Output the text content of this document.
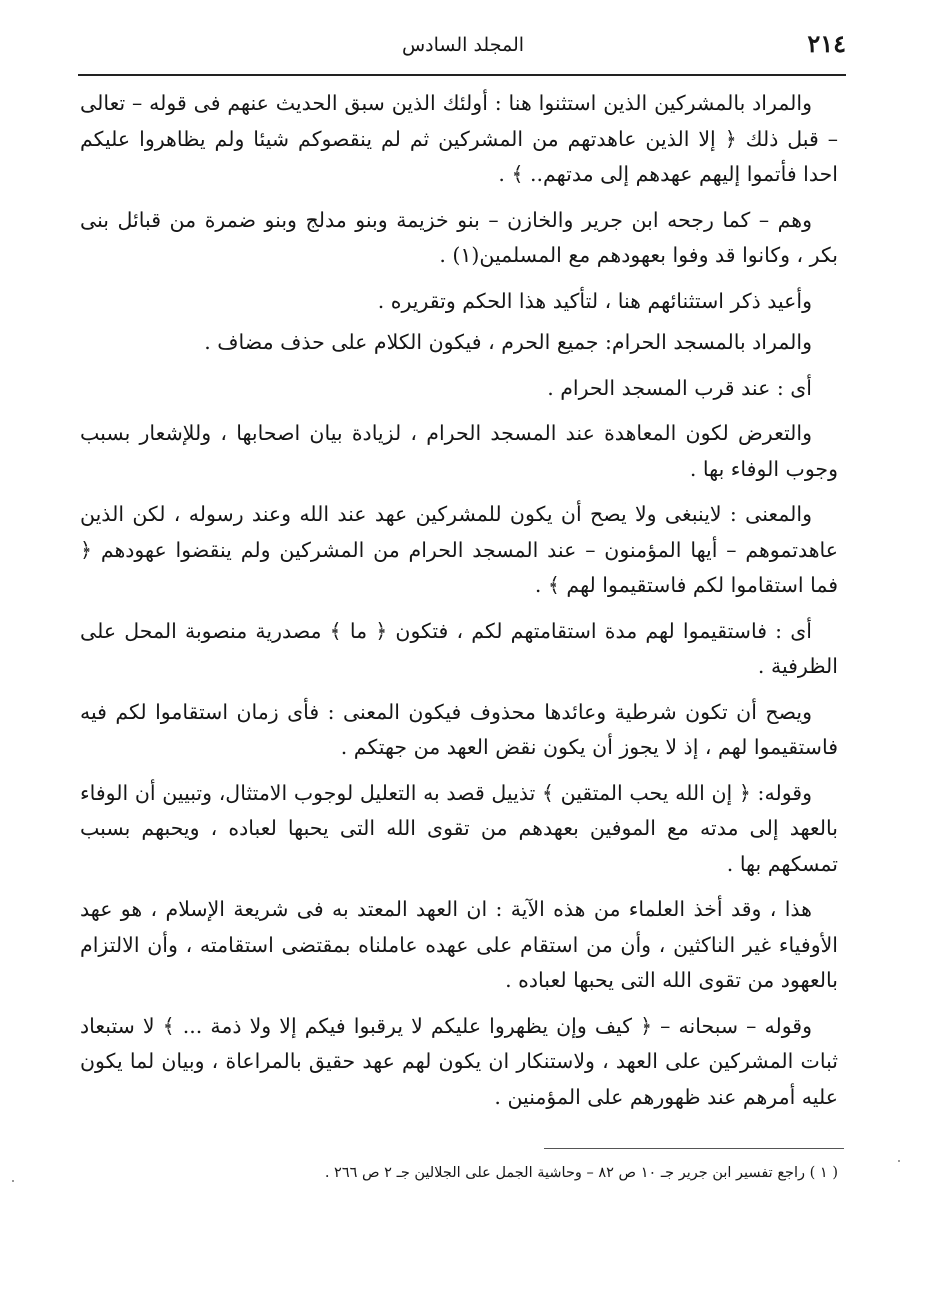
٢١٤
المجلد السادس

والمراد بالمشركين الذين استثنوا هنا : أولئك الذين سبق الحديث عنهم فى قوله – تعالى – قبل ذلك ﴿ إلا الذين عاهدتهم من المشركين ثم لم ينقصوكم شيئا ولم يظاهروا عليكم احدا فأتموا إليهم عهدهم إلى مدتهم.. ﴾ .

وهم – كما رجحه ابن جرير والخازن – بنو خزيمة وبنو مدلج وبنو ضمرة من قبائل بنى بكر ، وكانوا قد وفوا بعهودهم مع المسلمين(١) .

وأعيد ذكر استثنائهم هنا ، لتأكيد هذا الحكم وتقريره .

والمراد بالمسجد الحرام: جميع الحرم ، فيكون الكلام على حذف مضاف .

أى : عند قرب المسجد الحرام .

والتعرض لكون المعاهدة عند المسجد الحرام ، لزيادة بيان اصحابها ، وللإشعار بسبب وجوب الوفاء بها .

والمعنى : لاينبغى ولا يصح أن يكون للمشركين عهد عند الله وعند رسوله ، لكن الذين عاهدتموهم – أيها المؤمنون – عند المسجد الحرام من المشركين ولم ينقضوا عهودهم ﴿ فما استقاموا لكم فاستقيموا لهم ﴾ .

أى : فاستقيموا لهم مدة استقامتهم لكم ، فتكون ﴿ ما ﴾ مصدرية منصوبة المحل على الظرفية .

ويصح أن تكون شرطية وعائدها محذوف فيكون المعنى : فأى زمان استقاموا لكم فيه فاستقيموا لهم ، إذ لا يجوز أن يكون نقض العهد من جهتكم .

وقوله: ﴿ إن الله يحب المتقين ﴾ تذييل قصد به التعليل لوجوب الامتثال، وتبيين أن الوفاء بالعهد إلى مدته مع الموفين بعهدهم من تقوى الله التى يحبها لعباده ، ويحبهم بسبب تمسكهم بها .

هذا ، وقد أخذ العلماء من هذه الآية : ان العهد المعتد به فى شريعة الإسلام ، هو عهد الأوفياء غير الناكثين ، وأن من استقام على عهده عاملناه بمقتضى استقامته ، وأن الالتزام بالعهود من تقوى الله التى يحبها لعباده .

وقوله – سبحانه – ﴿ كيف وإن يظهروا عليكم لا يرقبوا فيكم إلا ولا ذمة ... ﴾ لا ستبعاد ثبات المشركين على العهد ، ولاستنكار ان يكون لهم عهد حقيق بالمراعاة ، وبيان لما يكون عليه أمرهم عند ظهورهم على المؤمنين .

( ١ ) راجع تفسير ابن جرير جـ ١٠ ص ٨٢ – وحاشية الجمل على الجلالين جـ ٢ ص ٢٦٦ .
